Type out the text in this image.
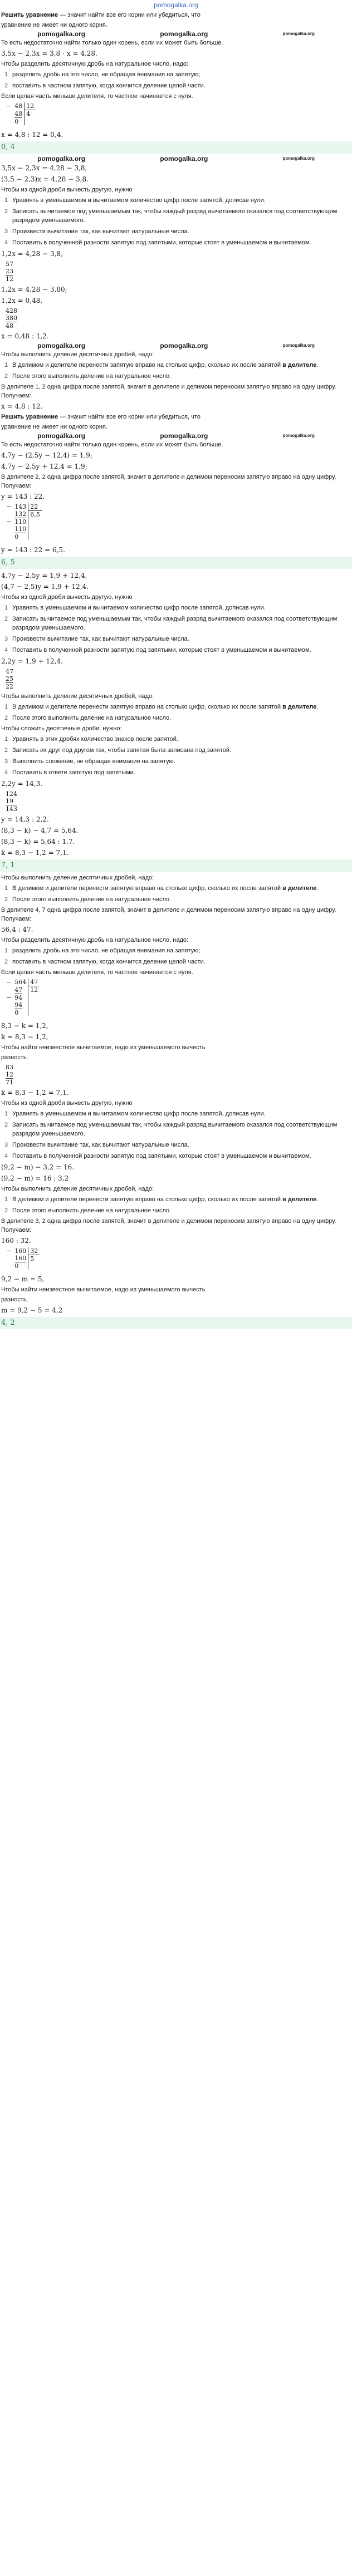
pomogalka.org
Решить уравнение — значит найти все его корни или убедиться, что
уравнение не имеет ни одного корня.
pomogalka.org	pomogalka.org	pomogalka.org
То есть недостаточно найти только один корень, если их может быть больше.
3,5x − 2,3x = 3,8 ⋅ x = 4,28.
Чтобы разделить десятичную дробь на натуральное число, надо:
1 разделить дробь на это число, не обращая внимания на запятую;
2 поставить в частном запятую, когда кончится деление целой части.
Если целая часть меньше делителя, то частное начинается с нуля.
−	48	12
	48	4
	0	
x = 4,8 : 12 = 0,4.
0, 4
pomogalka.org	pomogalka.org	pomogalka.org
3,5x − 2,3x = 4,28 − 3,8,
(3,5 − 2,3)x = 4,28 − 3,8.
Чтобы из одной дроби вычесть другую, нужно
1 Уравнять в уменьшаемом и вычитаемом количество цифр после запятой, дописав нули.
2 Записать вычитаемое под уменьшаемым так, чтобы каждый разряд вычитаемого оказался под соответствующим разрядом уменьшаемого.
3 Произвести вычитание так, как вычитают натуральные числа.
4 Поставить в полученной разности запятую под запятыми, которые стоят в уменьшаемом и вычитаемом.
1,2x = 4,28 − 3,8,
57
23
12
1,2x = 4,28 − 3,80;
1,2x = 0,48,
428
380
48
x = 0,48 : 1,2.
pomogalka.org	pomogalka.org	pomogalka.org
Чтобы выполнить деление десятичных дробей, надо:
1 В делимом и делителе перенести запятую вправо на столько цифр, сколько их после запятой в делителе.
2 После этого выполнить деление на натуральное число.
В делителе 1, 2 одна цифра после запятой, значит в делителе и делимом переносим запятую вправо на одну цифру. Получаем:
x = 4,8 : 12.
Решить уравнение — значит найти все его корни или убедиться, что
уравнение не имеет ни одного корня.
pomogalka.org	pomogalka.org	pomogalka.org
То есть недостаточно найти только один корень, если их может быть больше.
4,7y − (2,5y − 12,4) = 1,9;
4,7y − 2,5y + 12,4 = 1,9;
В делителе 2, 2 одна цифра после запятой, значит в делителе и делимом переносим запятую вправо на одну цифру. Получаем:
y = 143 : 22.
−	143	22
	132	6,5
−	110	
	110	
	0	
y = 143 : 22 = 6,5.
6, 5
4,7y − 2,5y = 1,9 + 12,4,
(4,7 − 2,5)y = 1,9 + 12,4.
Чтобы из одной дроби вычесть другую, нужно
1 Уравнять в уменьшаемом и вычитаемом количество цифр после запятой, дописав нули.
2 Записать вычитаемое под уменьшаемым так, чтобы каждый разряд вычитаемого оказался под соответствующим разрядом уменьшаемого.
3 Произвести вычитание так, как вычитают натуральные числа.
4 Поставить в полученной разности запятую под запятыми, которые стоят в уменьшаемом и вычитаемом.
2,2y = 1,9 + 12,4.
47
25
22
Чтобы выполнить деление десятичных дробей, надо:
1 В делимом и делителе перенести запятую вправо на столько цифр, сколько их после запятой в делителе.
2 После этого выполнить деление на натуральное число.
Чтобы сложить десятичные дроби, нужно:
1 Уравнять в этих дробях количество знаков после запятой.
2 Записать их друг под другом так, чтобы запятая была записана под запятой.
3 Выполнить сложение, не обращая внимания на запятую.
4 Поставить в ответе запятую под запятыми.
2,2y = 14,3.
124
19
143
y = 14,3 : 2,2.
(8,3 − k) − 4,7 = 5,64.
(8,3 − k) = 5,64 : 1,7.
k = 8,3 − 1,2 = 7,1.
7, 1
Чтобы выполнить деление десятичных дробей, надо:
1 В делимом и делителе перенести запятую вправо на столько цифр, сколько их после запятой в делителе.
2 После этого выполнить деление на натуральное число.
В делителе 4, 7 одна цифра после запятой, значит в делителе и делимом переносим запятую вправо на одну цифру. Получаем:
56,4 : 47.
Чтобы разделить десятичную дробь на натуральное число, надо:
1 разделить дробь на это число, не обращая внимания на запятую;
2 поставить в частном запятую, когда кончится деление целой части.
Если целая часть меньше делителя, то частное начинается с нуля.
−	564	47
	47	12
−	94	
	94	
	0	
8,3 − k = 1,2,
k = 8,3 − 1,2,
Чтобы найти неизвестное вычитаемое, надо из уменьшаемого вычесть
разность.
83
12
71
k = 8,3 − 1,2 = 7,1.
Чтобы из одной дроби вычесть другую, нужно
1 Уравнять в уменьшаемом и вычитаемом количество цифр после запятой, дописав нули.
2 Записать вычитаемое под уменьшаемым так, чтобы каждый разряд вычитаемого оказался под соответствующим разрядом уменьшаемого.
3 Произвести вычитание так, как вычитают натуральные числа.
4 Поставить в полученной разности запятую под запятыми, которые стоят в уменьшаемом и вычитаемом.
(9,2 − m) − 3,2 = 16.
(9,2 − m) = 16 : 3,2
Чтобы выполнить деление десятичных дробей, надо:
1 В делимом и делителе перенести запятую вправо на столько цифр, сколько их после запятой в делителе.
2 После этого выполнить деление на натуральное число.
В делителе 3, 2 одна цифра после запятой, значит в делителе и делимом переносим запятую вправо на одну цифру. Получаем:
160 : 32.
−	160	32
	160	5
	0	
9,2 − m = 5,
Чтобы найти неизвестное вычитаемое, надо из уменьшаемого вычесть
разность.
m = 9,2 − 5 = 4,2
4, 2
